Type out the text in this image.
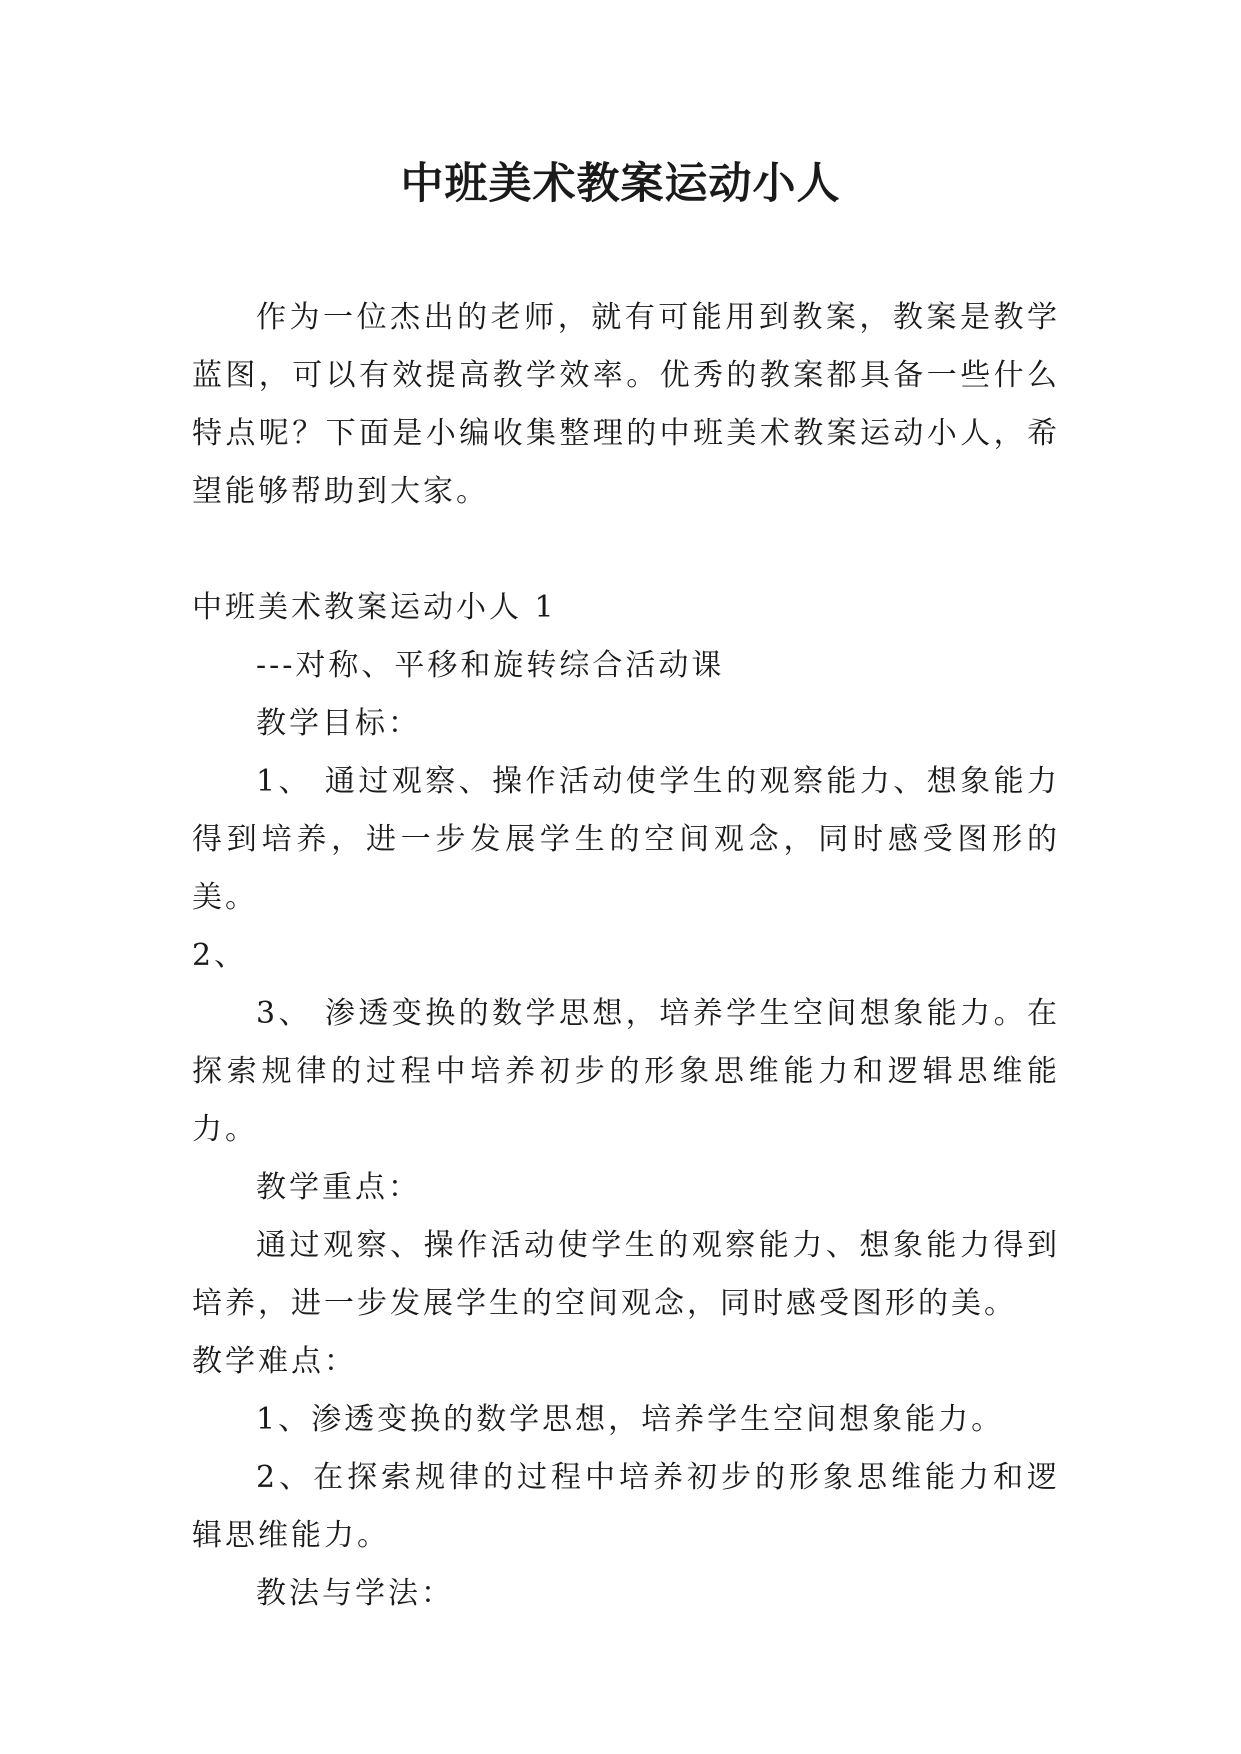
中班美术教案运动小人

作为一位杰出的老师，就有可能用到教案，教案是教学蓝图，可以有效提高教学效率。优秀的教案都具备一些什么特点呢？下面是小编收集整理的中班美术教案运动小人，希望能够帮助到大家。

中班美术教案运动小人 1

---对称、平移和旋转综合活动课

教学目标：

1、 通过观察、操作活动使学生的观察能力、想象能力得到培养，进一步发展学生的空间观念，同时感受图形的美。

2、

3、 渗透变换的数学思想，培养学生空间想象能力。在探索规律的过程中培养初步的形象思维能力和逻辑思维能力。

教学重点：

通过观察、操作活动使学生的观察能力、想象能力得到培养，进一步发展学生的空间观念，同时感受图形的美。

教学难点：

1、渗透变换的数学思想，培养学生空间想象能力。

2、在探索规律的过程中培养初步的形象思维能力和逻辑思维能力。

教法与学法：
